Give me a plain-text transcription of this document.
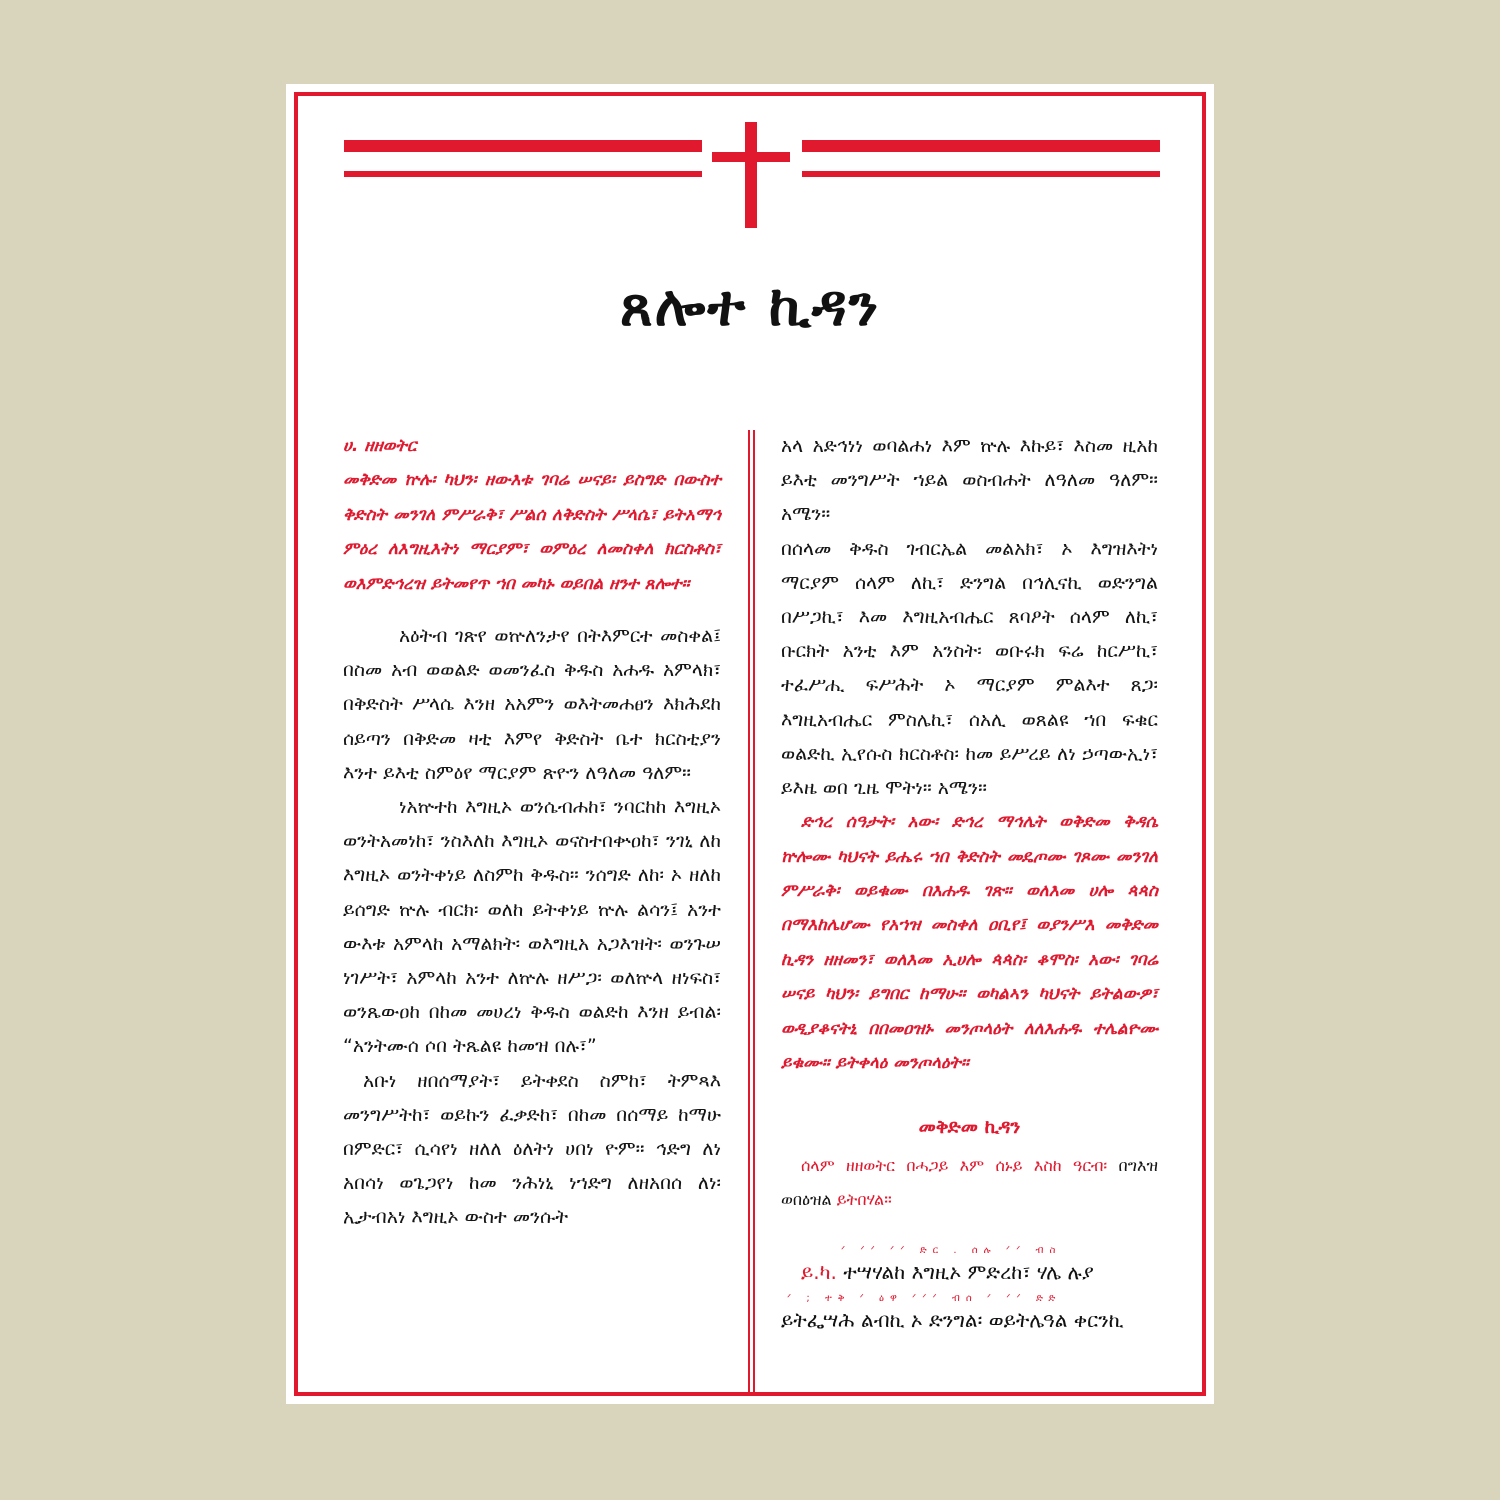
ጸሎተ ኪዳን

ሀ. ዘዘወትር

መቅድመ ኵሉ፡ ካህን፡ ዘውእቱ ገባሬ ሠናይ፡ ይስግድ በውስተ ቅድስት መንገለ ምሥራቅ፣ ሥልሰ ለቅድስት ሥላሴ፣ ይትአማኅ ምዕረ ለእግዚእትነ ማርያም፣ ወምዕረ ለመስቀለ ክርስቶስ፣ ወእምድኅረዝ ይትመየጥ ኀበ መካኑ ወይበል ዘንተ ጸሎተ።

አዕትብ ገጽየ ወኵለንታየ በትእምርተ መስቀል፤ በስመ አብ ወወልድ ወመንፈስ ቅዱስ አሐዱ አምላክ፣ በቅድስት ሥላሴ እንዘ አአምን ወእትመሐፀን እክሕደከ ሰይጣን በቅድመ ዛቲ እምየ ቅድስት ቤተ ክርስቲያን እንተ ይእቲ ስምዕየ ማርያም ጽዮን ለዓለመ ዓለም።

ነአኵተከ እግዚኦ ወንሴብሐከ፣ ንባርከከ እግዚኦ ወንትአመነከ፣ ንስእለከ እግዚኦ ወናስተበቍዐከ፣ ንገኒ ለከ እግዚኦ ወንትቀነይ ለስምከ ቅዱስ። ንሰግድ ለከ፡ ኦ ዘለከ ይሰግድ ኵሉ ብርክ፡ ወለከ ይትቀነይ ኵሉ ልሳን፤ አንተ ውእቱ አምላከ አማልክት፡ ወእግዚአ አጋእዝት፡ ወንጉሠ ነገሥት፣ አምላከ አንተ ለኵሉ ዘሥጋ፡ ወለኵላ ዘነፍስ፣ ወንጼውዐከ በከመ መሀረነ ቅዱስ ወልድከ እንዘ ይብል፡ “አንትሙሰ ሶበ ትጼልዩ ከመዝ በሉ፣”

አቡነ ዘበሰማያት፣ ይትቀደስ ስምከ፣ ትምጻእ መንግሥትከ፣ ወይኩን ፈቃድከ፣ በከመ በሰማይ ከማሁ በምድር፣ ሲሳየነ ዘለለ ዕለትነ ሀበነ ዮም። ኅድግ ለነ አበሳነ ወጌጋየነ ከመ ንሕነኒ ነኀድግ ለዘአበሰ ለነ፡ ኢታብአነ እግዚኦ ውስተ መንሱት

አላ አድኅነነ ወባልሐነ እም ኵሉ እኩይ፣ እስመ ዚአከ ይእቲ መንግሥት ኀይል ወስብሐት ለዓለመ ዓለም። አሜን።

በሰላመ ቅዱስ ገብርኤል መልአክ፣ ኦ እግዝእትነ ማርያም ሰላም ለኪ፣ ድንግል በኅሊናኪ ወድንግል በሥጋኪ፣ እመ እግዚአብሔር ጸባዖት ሰላም ለኪ፣ ቡርክት አንቲ እም አንስት፡ ወቡሩክ ፍሬ ከርሥኪ፣ ተፈሥሒ ፍሥሕት ኦ ማርያም ምልእተ ጸጋ፡ እግዚአብሔር ምስሌኪ፣ ሰአሊ ወጸልዩ ኀበ ፍቁር ወልድኪ ኢየሱስ ክርስቶስ፡ ከመ ይሥረይ ለነ ኃጣውኢነ፣ ይእዜ ወበ ጊዜ ሞትነ። አሜን።

ድኅረ ሰዓታት፡ አው፡ ድኅረ ማኅሌት ወቅድመ ቅዳሴ ኵሎሙ ካህናት ይሔሩ ኀበ ቅድስት መዴጦሙ ገጾሙ መንገለ ምሥራቅ፡ ወይቁሙ በእሐዱ ገጽ። ወለእመ ሀሎ ጳጳስ በማእከሌሆሙ የአኀዝ መስቀለ ዐቢየ፤ ወያንሥእ መቅድመ ኪዳን ዘዘመን፣ ወለእመ ኢሀሎ ጳጳስ፡ ቆሞስ፡ አው፡ ገባሬ ሠናይ ካህን፡ ይግበር ከማሁ። ወካልኣን ካህናት ይትልውዎ፣ ወዲያቆናትኒ በበመዐዝኑ መንጦላዕት ለለእሐዱ ተሌልዮሙ ይቁሙ። ይትቀላዕ መንጦላዕት።

መቅድመ ኪዳን

ሰላም ዘዘወትር በሓጋይ እም ሰኑይ እስከ ዓርብ፡ በግእዝ ወበዕዝል ይትበሃል።

ᐟ ᐟᐟ ᐟᐟ ድር . ሰሉ ᐟᐟ ብስ
ይ.ካ. ተሣሃልከ እግዚኦ ምድረከ፣ ሃሌ ሉያ
ᐟ ; ተቅ ᐟ ዕዋ ᐟᐟᐟ ብሰ ᐟ ᐟᐟ ድድ
ይትፌሣሕ ልብኪ ኦ ድንግል፡ ወይትሌዓል ቀርንኪ
